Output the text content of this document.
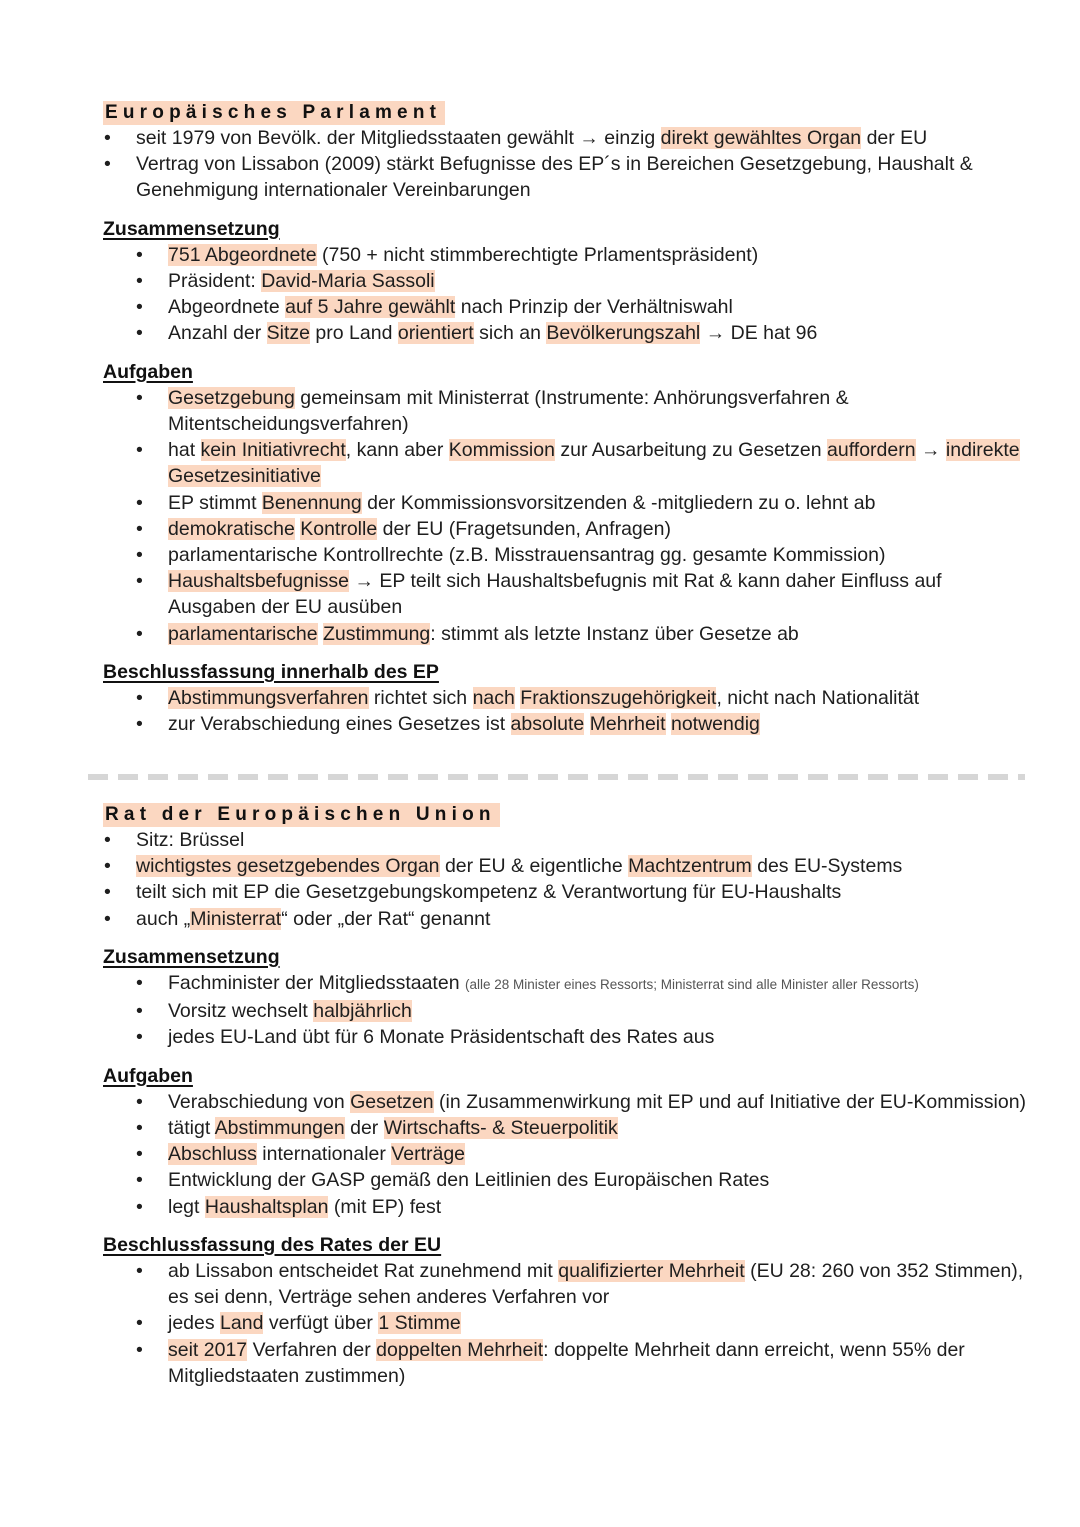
Europäisches Parlament
• seit 1979 von Bevölk. der Mitgliedsstaaten gewählt → einzig direkt gewähltes Organ der EU
• Vertrag von Lissabon (2009) stärkt Befugnisse des EP´s in Bereichen Gesetzgebung, Haushalt & Genehmigung internationaler Vereinbarungen
Zusammensetzung
• 751 Abgeordnete (750 + nicht stimmberechtigte Prlamentspräsident)
• Präsident: David-Maria Sassoli
• Abgeordnete auf 5 Jahre gewählt nach Prinzip der Verhältniswahl
• Anzahl der Sitze pro Land orientiert sich an Bevölkerungszahl → DE hat 96
Aufgaben
• Gesetzgebung gemeinsam mit Ministerrat (Instrumente: Anhörungsverfahren & Mitentscheidungsverfahren)
• hat kein Initiativrecht, kann aber Kommission zur Ausarbeitung zu Gesetzen auffordern → indirekte Gesetzesinitiative
• EP stimmt Benennung der Kommissionsvorsitzenden & -mitgliedern zu o. lehnt ab
• demokratische Kontrolle der EU (Fragetsunden, Anfragen)
• parlamentarische Kontrollrechte (z.B. Misstrauensantrag gg. gesamte Kommission)
• Haushaltsbefugnisse → EP teilt sich Haushaltsbefugnis mit Rat & kann daher Einfluss auf Ausgaben der EU ausüben
• parlamentarische Zustimmung: stimmt als letzte Instanz über Gesetze ab
Beschlussfassung innerhalb des EP
• Abstimmungsverfahren richtet sich nach Fraktionszugehörigkeit, nicht nach Nationalität
• zur Verabschiedung eines Gesetzes ist absolute Mehrheit notwendig
Rat der Europäischen Union
• Sitz: Brüssel
• wichtigstes gesetzgebendes Organ der EU & eigentliche Machtzentrum des EU-Systems
• teilt sich mit EP die Gesetzgebungskompetenz & Verantwortung für EU-Haushalts
• auch „Ministerrat“ oder „der Rat“ genannt
Zusammensetzung
• Fachminister der Mitgliedsstaaten (alle 28 Minister eines Ressorts; Ministerrat sind alle Minister aller Ressorts)
• Vorsitz wechselt halbjährlich
• jedes EU-Land übt für 6 Monate Präsidentschaft des Rates aus
Aufgaben
• Verabschiedung von Gesetzen (in Zusammenwirkung mit EP und auf Initiative der EU-Kommission)
• tätigt Abstimmungen der Wirtschafts- & Steuerpolitik
• Abschluss internationaler Verträge
• Entwicklung der GASP gemäß den Leitlinien des Europäischen Rates
• legt Haushaltsplan (mit EP) fest
Beschlussfassung des Rates der EU
• ab Lissabon entscheidet Rat zunehmend mit qualifizierter Mehrheit (EU 28: 260 von 352 Stimmen), es sei denn, Verträge sehen anderes Verfahren vor
• jedes Land verfügt über 1 Stimme
• seit 2017 Verfahren der doppelten Mehrheit: doppelte Mehrheit dann erreicht, wenn 55% der Mitgliedstaaten zustimmen)
